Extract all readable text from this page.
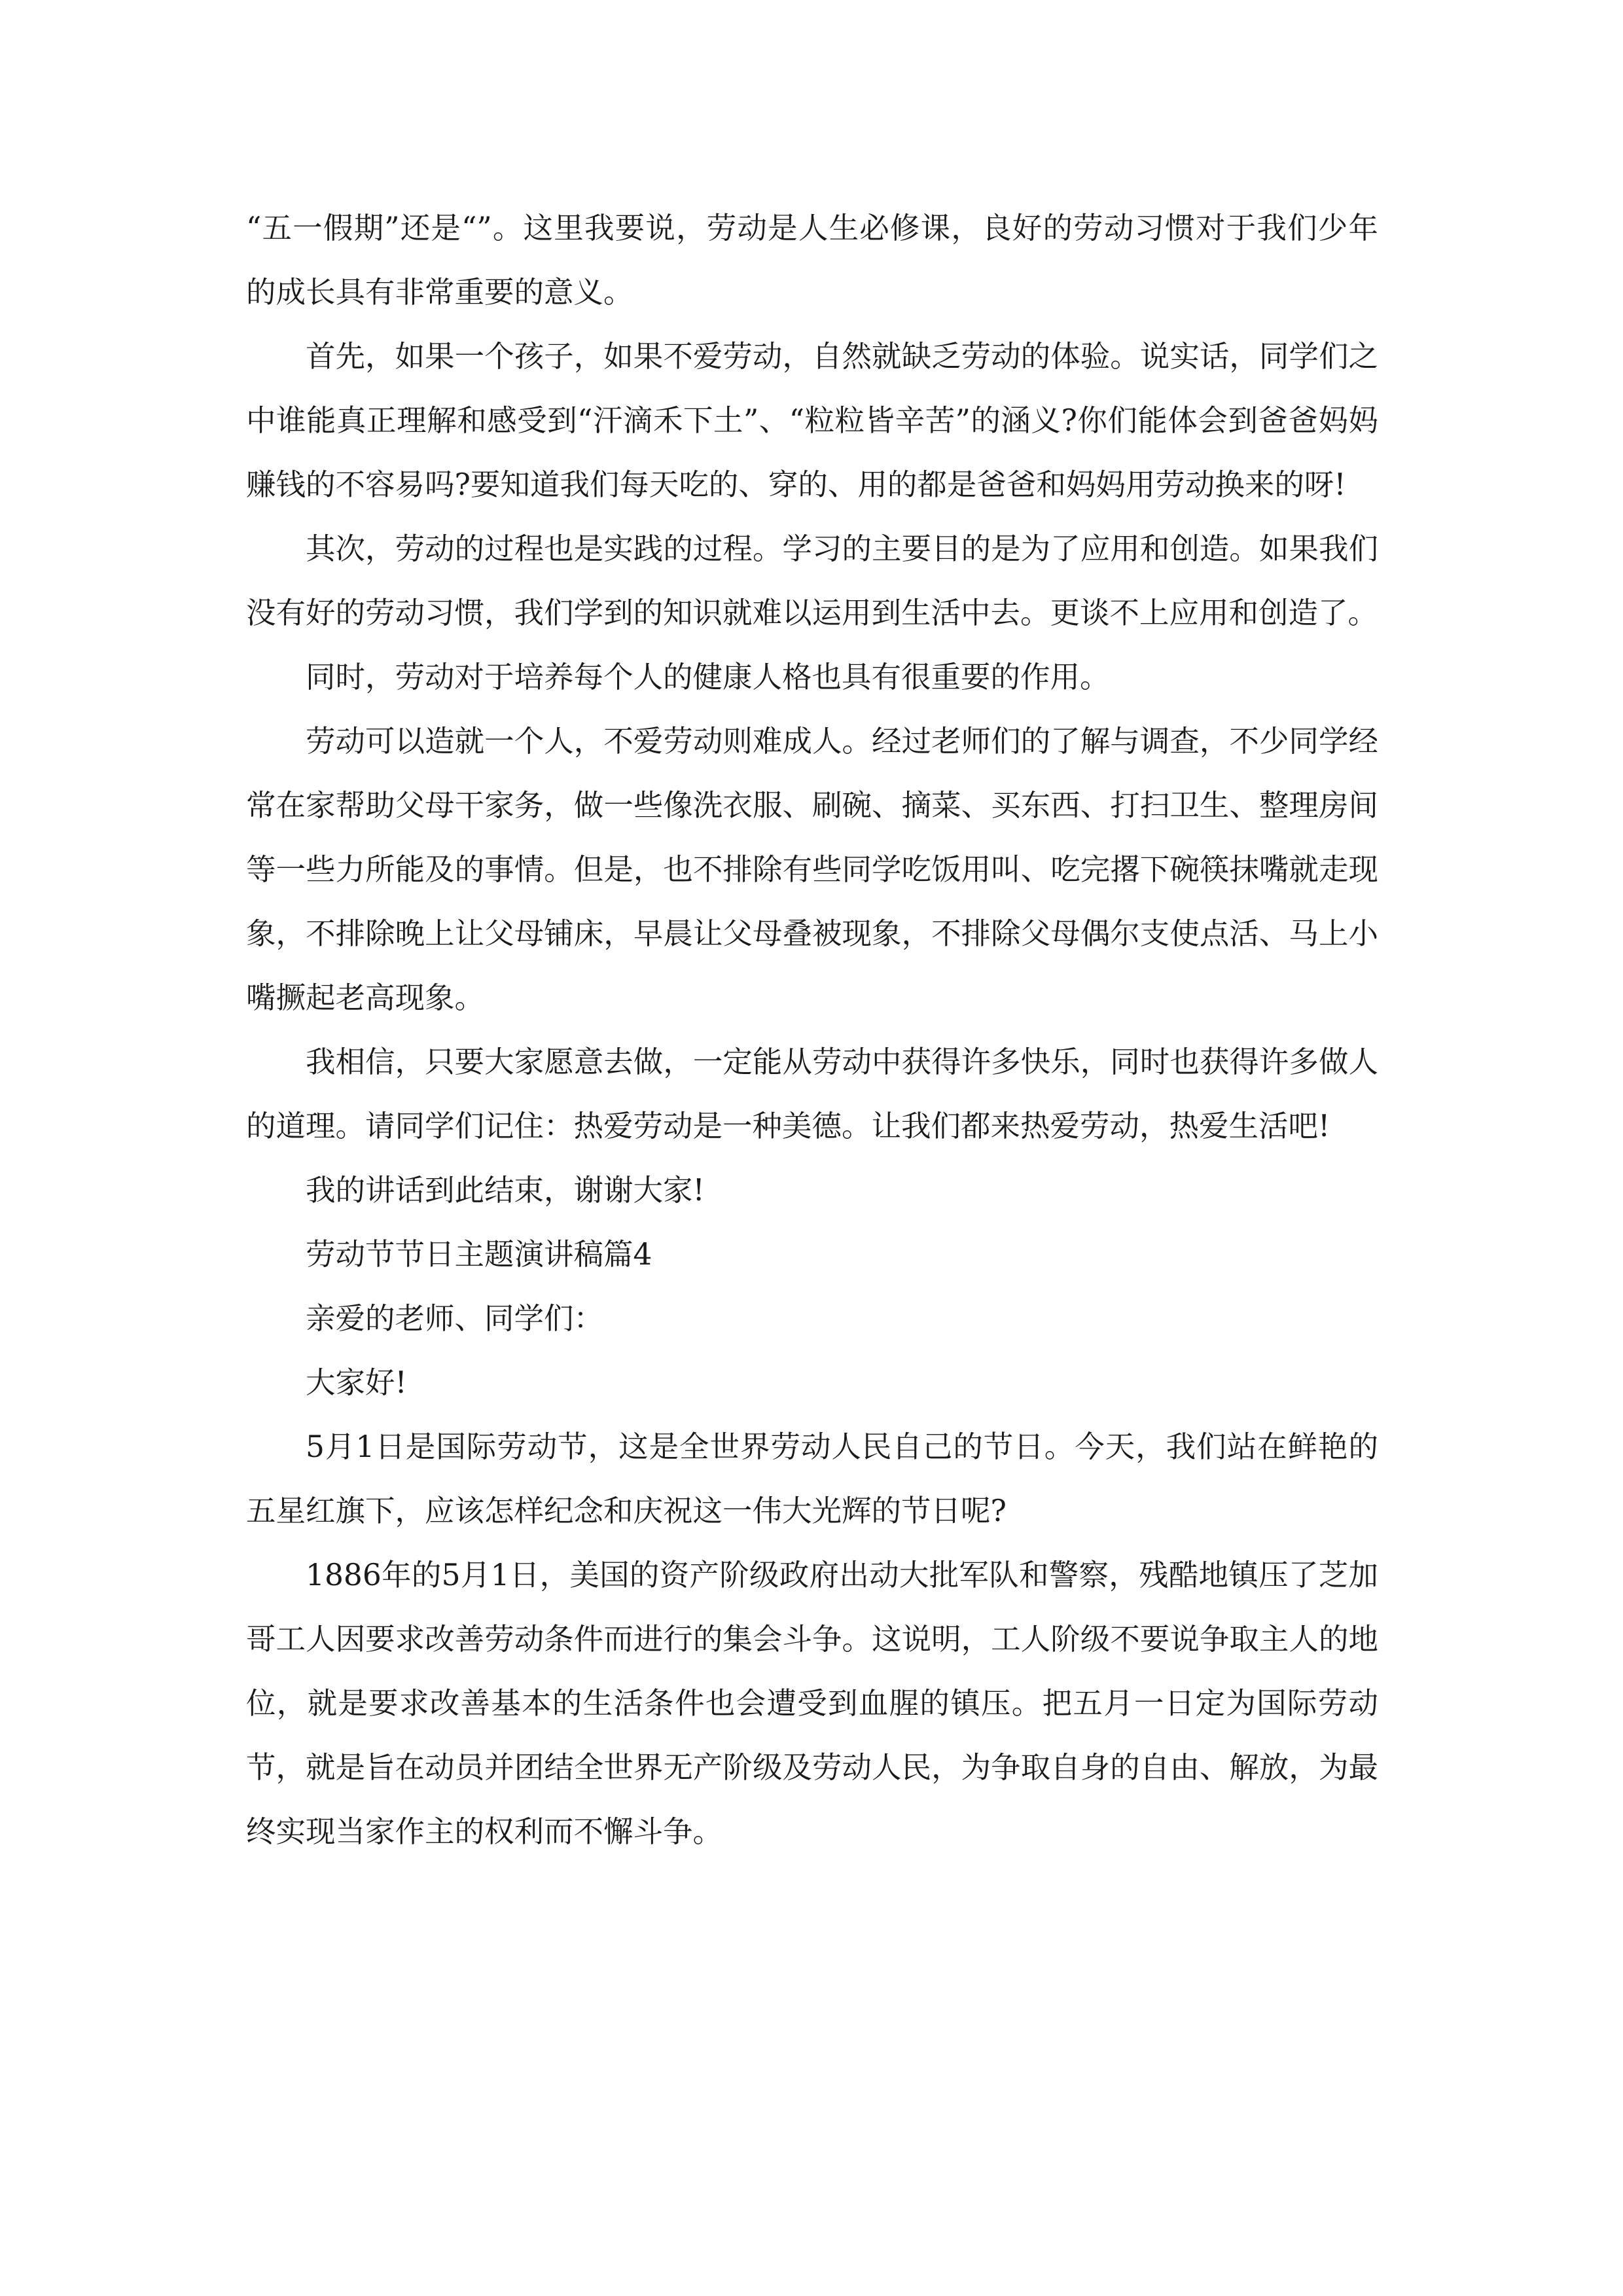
“五一假期”还是“”。这里我要说，劳动是人生必修课，良好的劳动习惯对于我们少年的成长具有非常重要的意义。

首先，如果一个孩子，如果不爱劳动，自然就缺乏劳动的体验。说实话，同学们之中谁能真正理解和感受到“汗滴禾下土”、“粒粒皆辛苦”的涵义?你们能体会到爸爸妈妈赚钱的不容易吗?要知道我们每天吃的、穿的、用的都是爸爸和妈妈用劳动换来的呀!

其次，劳动的过程也是实践的过程。学习的主要目的是为了应用和创造。如果我们没有好的劳动习惯，我们学到的知识就难以运用到生活中去。更谈不上应用和创造了。

同时，劳动对于培养每个人的健康人格也具有很重要的作用。

劳动可以造就一个人，不爱劳动则难成人。经过老师们的了解与调查，不少同学经常在家帮助父母干家务，做一些像洗衣服、刷碗、摘菜、买东西、打扫卫生、整理房间等一些力所能及的事情。但是，也不排除有些同学吃饭用叫、吃完撂下碗筷抹嘴就走现象，不排除晚上让父母铺床，早晨让父母叠被现象，不排除父母偶尔支使点活、马上小嘴撅起老高现象。

我相信，只要大家愿意去做，一定能从劳动中获得许多快乐，同时也获得许多做人的道理。请同学们记住：热爱劳动是一种美德。让我们都来热爱劳动，热爱生活吧!

我的讲话到此结束，谢谢大家!

劳动节节日主题演讲稿篇4

亲爱的老师、同学们：

大家好!

5月1日是国际劳动节，这是全世界劳动人民自己的节日。今天，我们站在鲜艳的五星红旗下，应该怎样纪念和庆祝这一伟大光辉的节日呢?

1886年的5月1日，美国的资产阶级政府出动大批军队和警察，残酷地镇压了芝加哥工人因要求改善劳动条件而进行的集会斗争。这说明，工人阶级不要说争取主人的地位，就是要求改善基本的生活条件也会遭受到血腥的镇压。把五月一日定为国际劳动节，就是旨在动员并团结全世界无产阶级及劳动人民，为争取自身的自由、解放，为最终实现当家作主的权利而不懈斗争。
